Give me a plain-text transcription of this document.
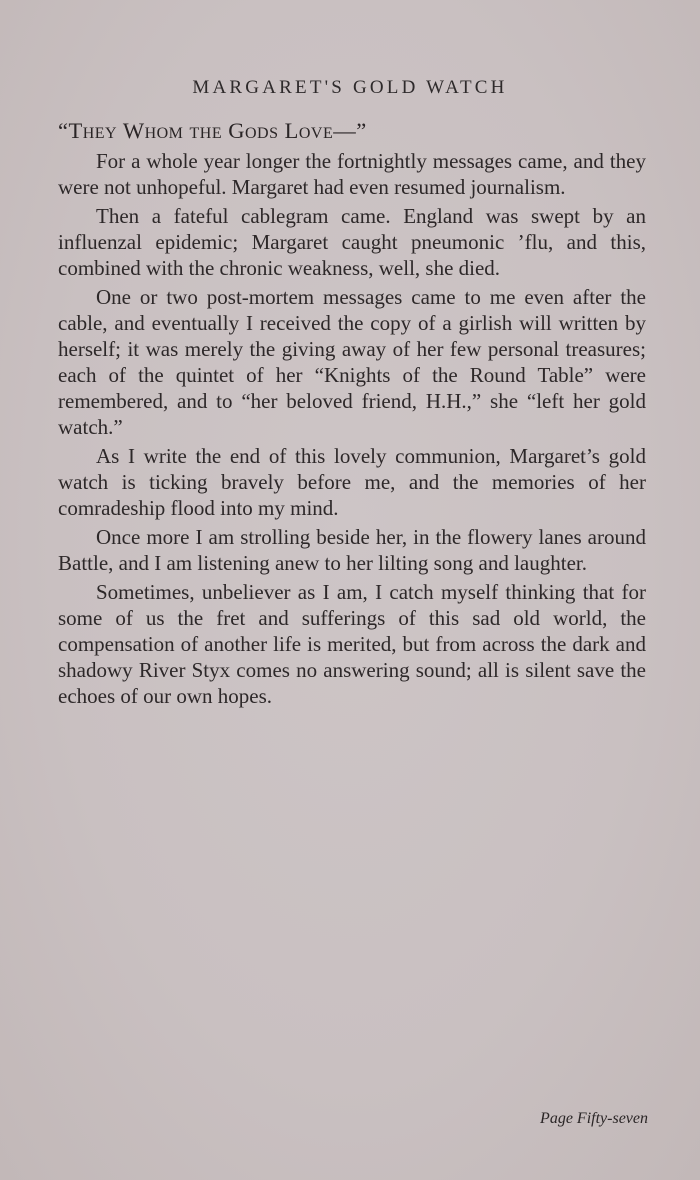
MARGARET'S GOLD WATCH
“They Whom the Gods Love—”

For a whole year longer the fortnightly messages came, and they were not unhopeful. Margaret had even resumed journalism.

Then a fateful cablegram came. England was swept by an influenzal epidemic; Margaret caught pneumonic ’flu, and this, combined with the chronic weakness, well, she died.

One or two post-mortem messages came to me even after the cable, and eventually I received the copy of a girlish will written by herself; it was merely the giving away of her few personal treasures; each of the quintet of her “Knights of the Round Table” were remembered, and to “her beloved friend, H.H.,” she “left her gold watch.”

As I write the end of this lovely communion, Margaret’s gold watch is ticking bravely before me, and the memories of her comradeship flood into my mind.

Once more I am strolling beside her, in the flowery lanes around Battle, and I am listening anew to her lilting song and laughter.

Sometimes, unbeliever as I am, I catch myself thinking that for some of us the fret and sufferings of this sad old world, the compensation of another life is merited, but from across the dark and shadowy River Styx comes no answering sound; all is silent save the echoes of our own hopes.

Page Fifty-seven
